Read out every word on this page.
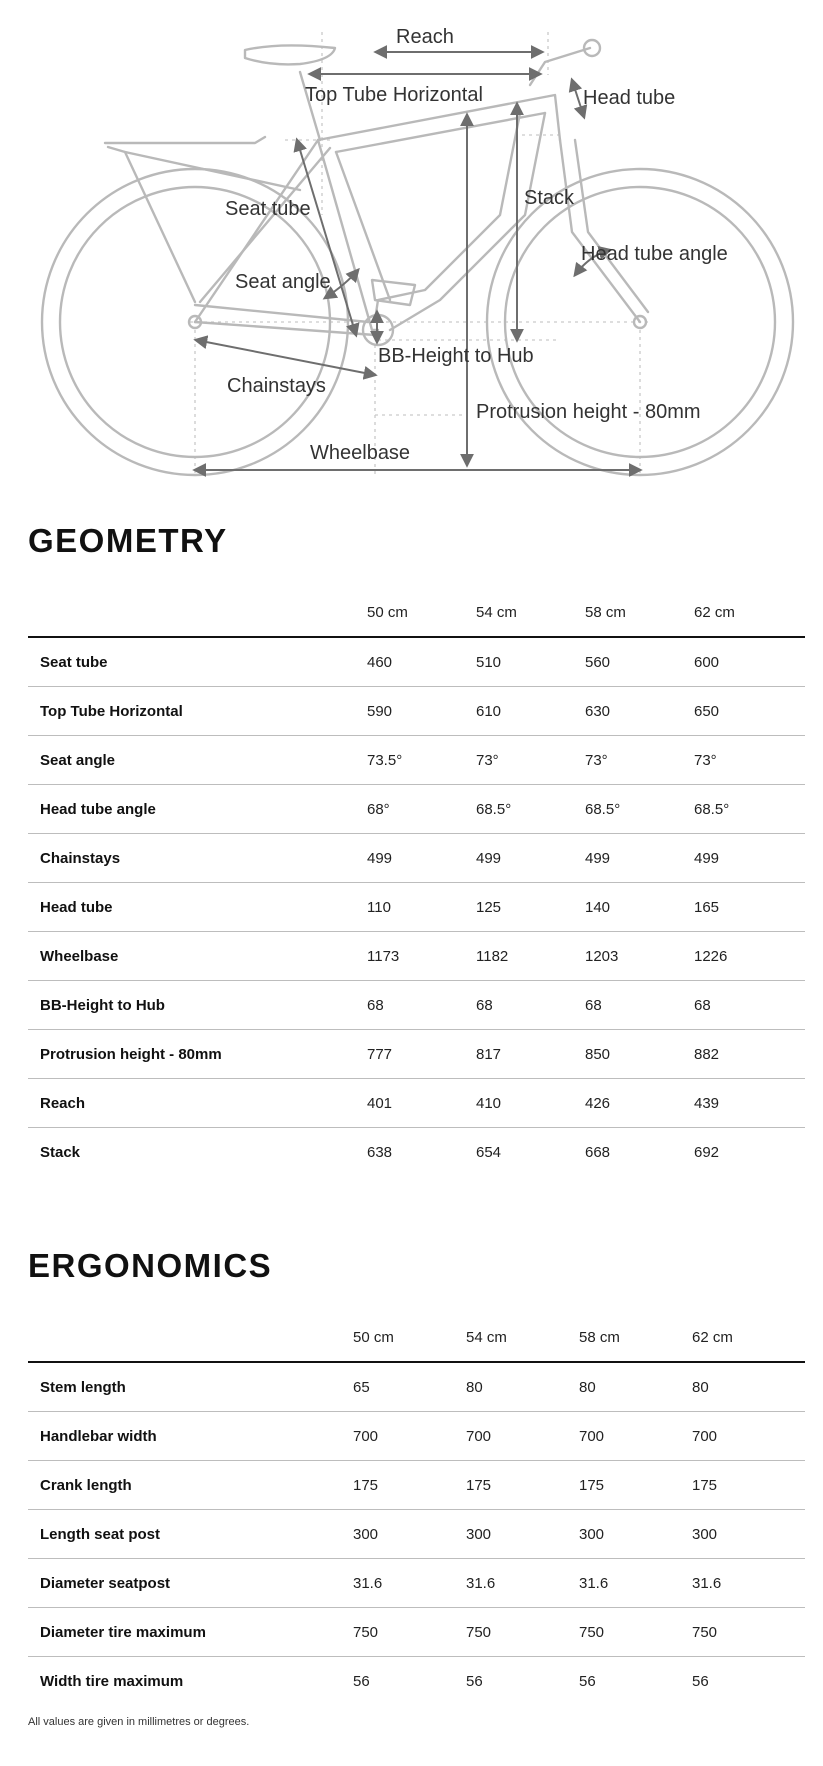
Reach
Top Tube Horizontal	Head tube
Stack
Seat tube
Head tube angle
Seat angle
BB-Height to Hub
Chainstays
Protrusion height - 80mm
Wheelbase
GEOMETRY
	50 cm	54 cm	58 cm	62 cm
Seat tube	460	510	560	600
Top Tube Horizontal	590	610	630	650
Seat angle	73.5°	73°	73°	73°
Head tube angle	68°	68.5°	68.5°	68.5°
Chainstays	499	499	499	499
Head tube	110	125	140	165
Wheelbase	1173	1182	1203	1226
BB-Height to Hub	68	68	68	68
Protrusion height - 80mm	777	817	850	882
Reach	401	410	426	439
Stack	638	654	668	692
ERGONOMICS
	50 cm	54 cm	58 cm	62 cm
Stem length	65	80	80	80
Handlebar width	700	700	700	700
Crank length	175	175	175	175
Length seat post	300	300	300	300
Diameter seatpost	31.6	31.6	31.6	31.6
Diameter tire maximum	750	750	750	750
Width tire maximum	56	56	56	56
All values are given in millimetres or degrees.
